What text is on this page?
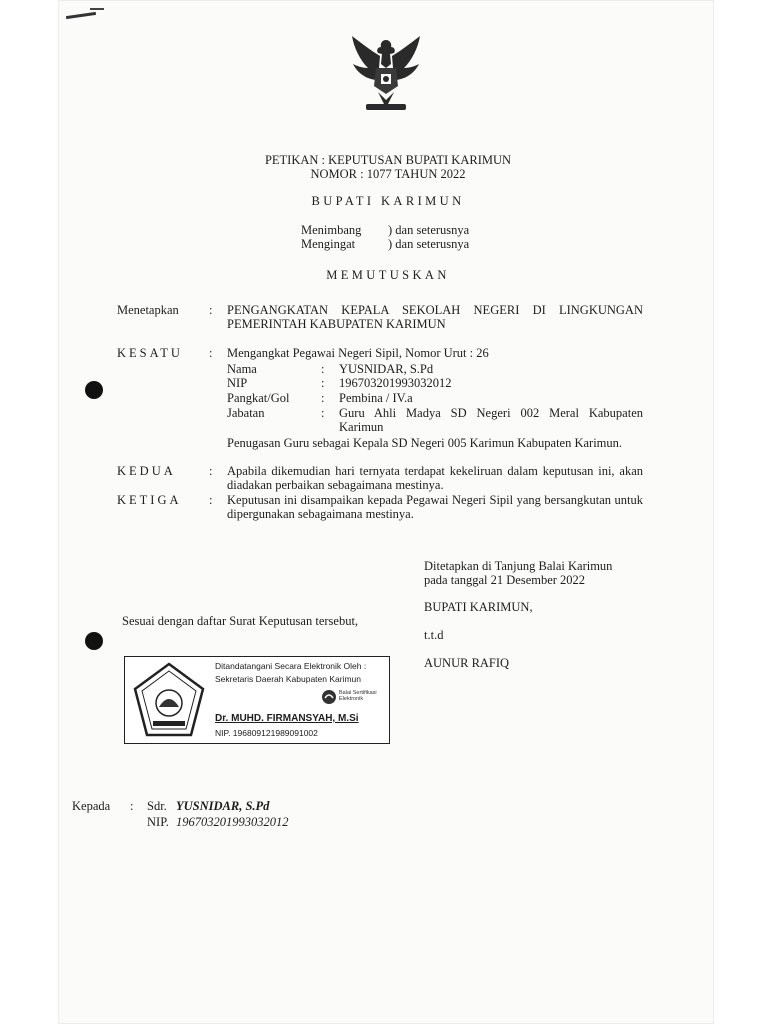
PETIKAN : KEPUTUSAN BUPATI KARIMUN
NOMOR : 1077 TAHUN 2022
BUPATI KARIMUN
Menimbang ) dan seterusnya
Mengingat	) dan seterusnya
MEMUTUSKAN
Menetapkan : PENGANGKATAN KEPALA SEKOLAH NEGERI DI LINGKUNGAN PEMERINTAH KABUPATEN KARIMUN
KESATU : Mengangkat Pegawai Negeri Sipil, Nomor Urut : 26
Nama	: YUSNIDAR, S.Pd
NIP	: 196703201993032012
Pangkat/Gol	: Pembina / IV.a
Jabatan	: Guru Ahli Madya SD Negeri 002 Meral Kabupaten Karimun
Penugasan Guru sebagai Kepala SD Negeri 005 Karimun Kabupaten Karimun.
KEDUA	: Apabila dikemudian hari ternyata terdapat kekeliruan dalam keputusan ini, akan diadakan perbaikan sebagaimana mestinya.
KETIGA : Keputusan ini disampaikan kepada Pegawai Negeri Sipil yang bersangkutan untuk dipergunakan sebagaimana mestinya.
Ditetapkan di Tanjung Balai Karimun
pada tanggal 21 Desember 2022
BUPATI KARIMUN,
t.t.d
AUNUR RAFIQ
Sesuai dengan daftar Surat Keputusan tersebut,
Ditandatangani Secara Elektronik Oleh :
Sekretaris Daerah Kabupaten Karimun
Balai Sertifikasi Elektronik
Dr. MUHD. FIRMANSYAH, M.Si
NIP. 196809121989091002
Kepada : Sdr. YUSNIDAR, S.Pd
NIP. 196703201993032012
